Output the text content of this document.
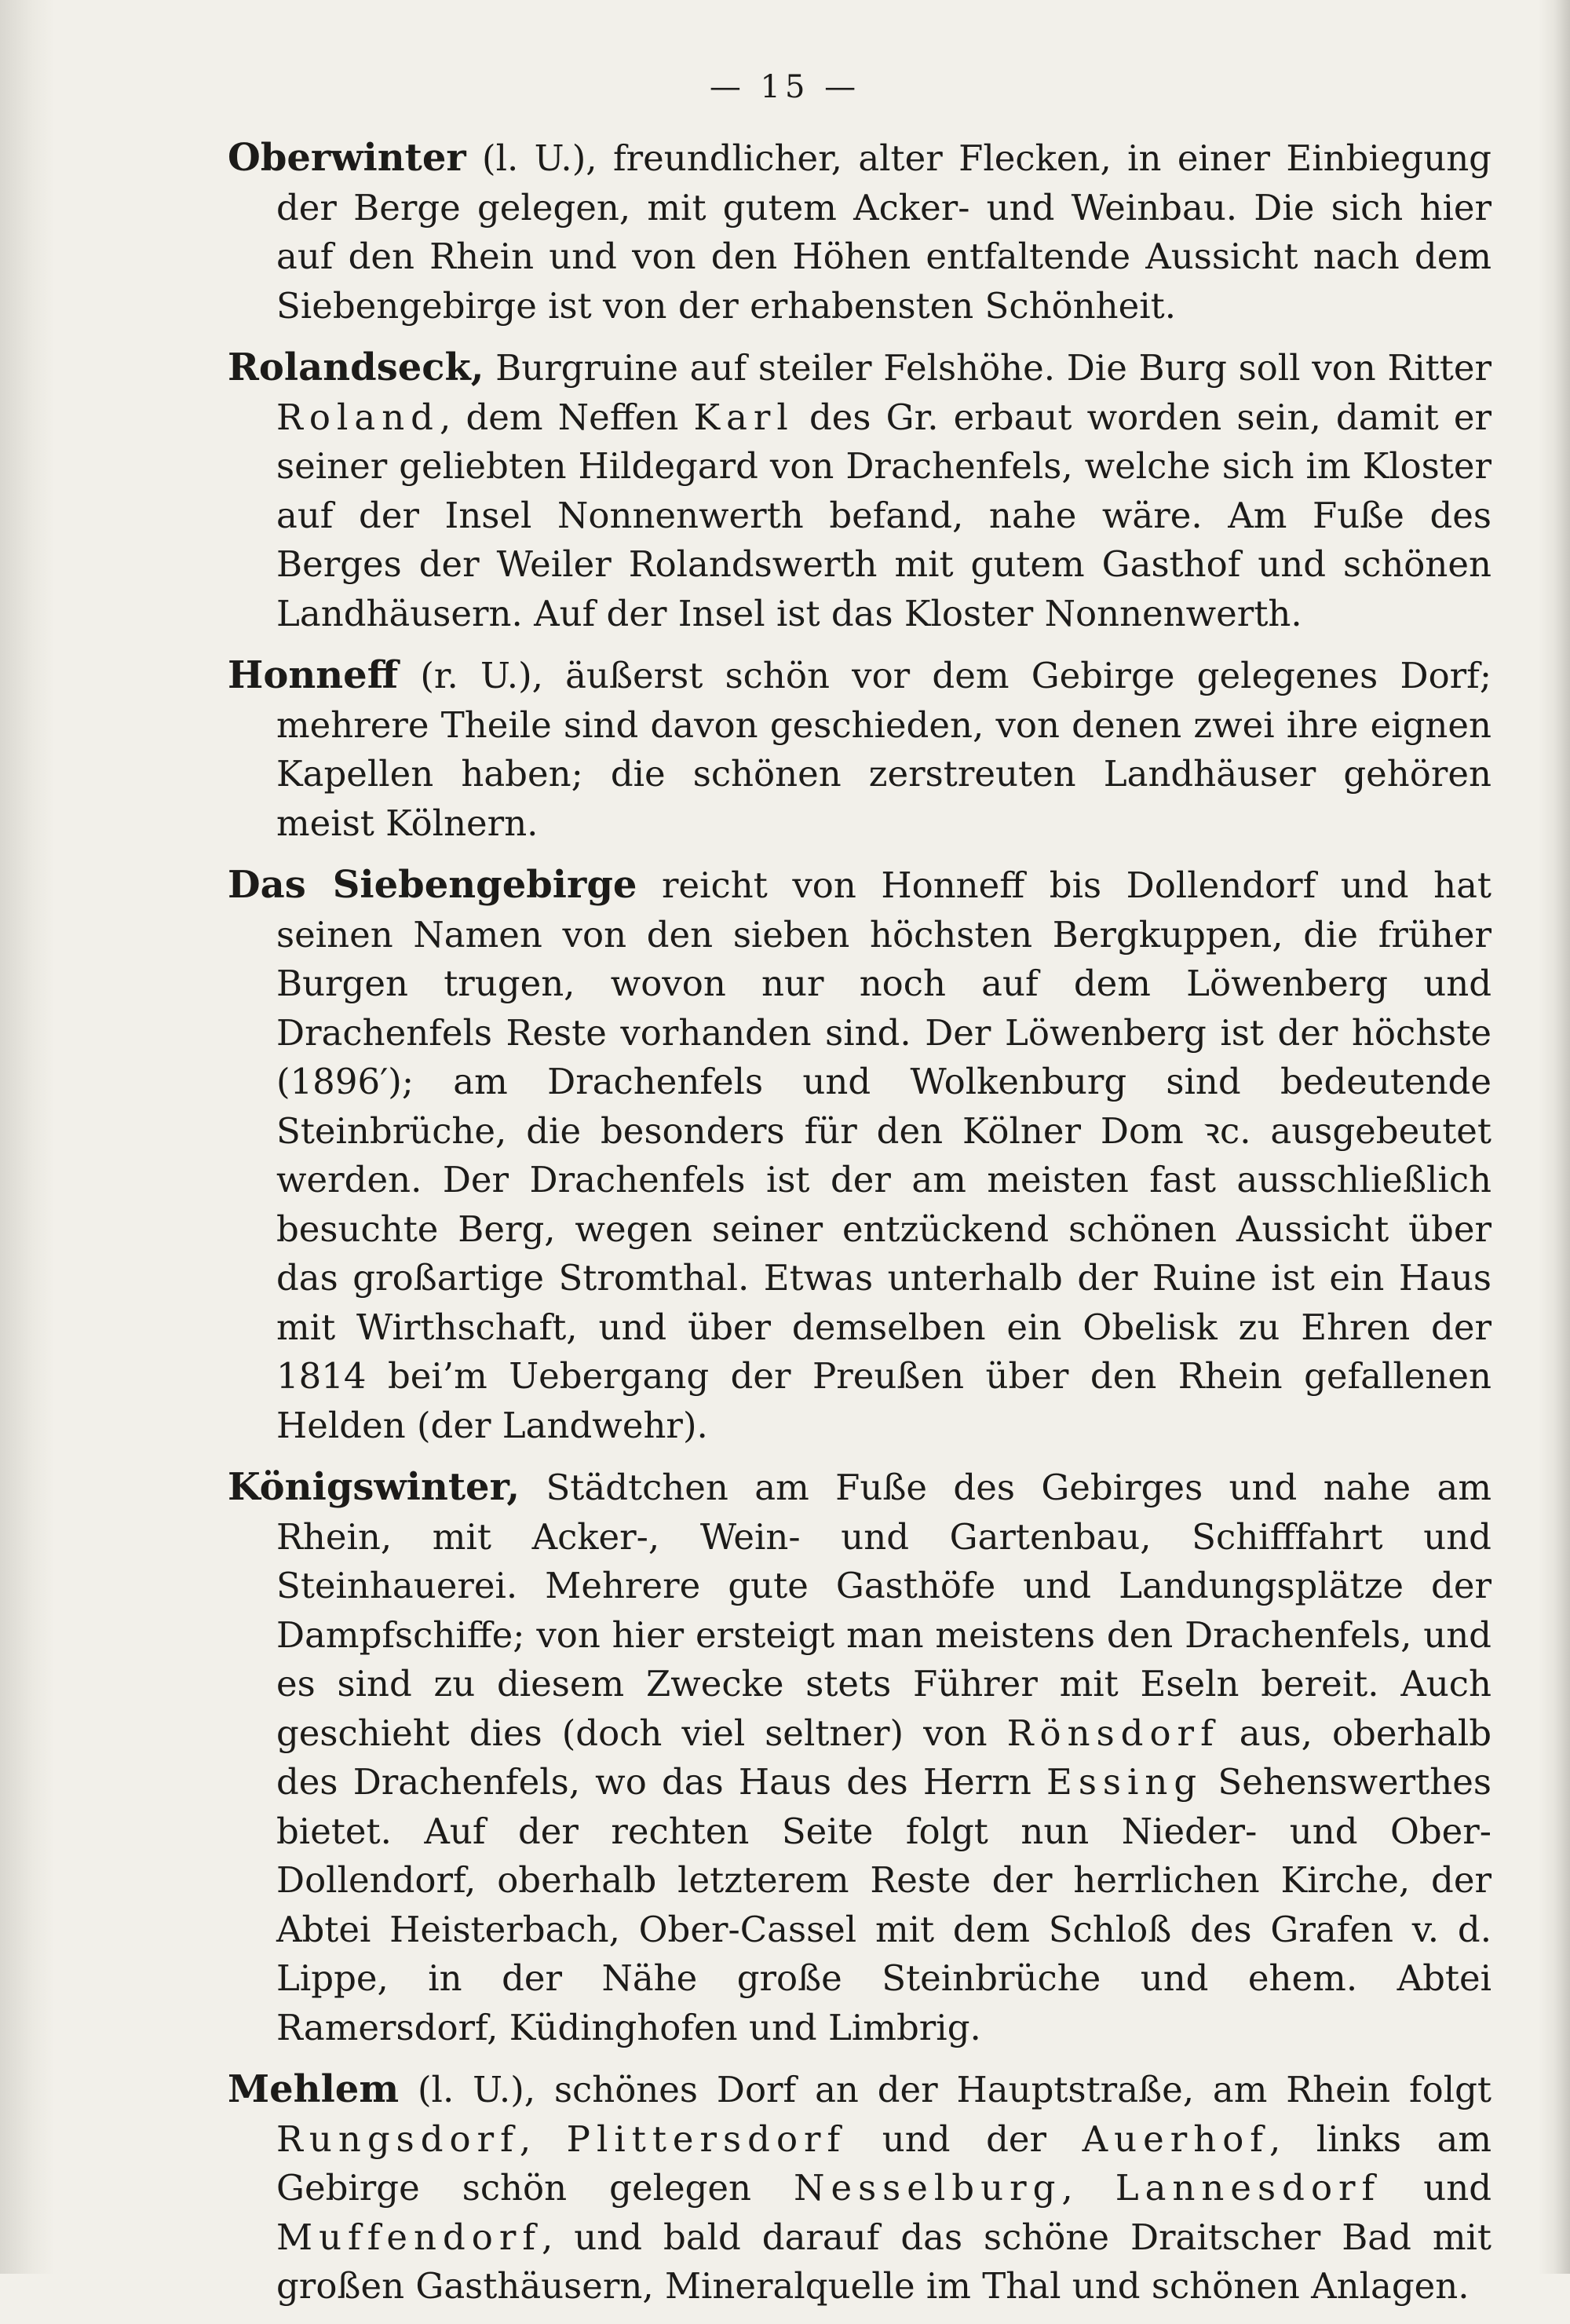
— 15 —

Oberwinter (l. U.), freundlicher, alter Flecken, in einer Einbiegung der Berge gelegen, mit gutem Acker- und Weinbau. Die sich hier auf den Rhein und von den Höhen entfaltende Aussicht nach dem Siebengebirge ist von der erhabensten Schönheit.

Rolandseck, Burgruine auf steiler Felshöhe. Die Burg soll von Ritter Roland, dem Neffen Karl des Gr. erbaut worden sein, damit er seiner geliebten Hildegard von Drachenfels, welche sich im Kloster auf der Insel Nonnenwerth befand, nahe wäre. Am Fuße des Berges der Weiler Rolandswerth mit gutem Gasthof und schönen Landhäusern. Auf der Insel ist das Kloster Nonnenwerth.

Honneff (r. U.), äußerst schön vor dem Gebirge gelegenes Dorf; mehrere Theile sind davon geschieden, von denen zwei ihre eignen Kapellen haben; die schönen zerstreuten Landhäuser gehören meist Kölnern.

Das Siebengebirge reicht von Honneff bis Dollendorf und hat seinen Namen von den sieben höchsten Bergkuppen, die früher Burgen trugen, wovon nur noch auf dem Löwenberg und Drachenfels Reste vorhanden sind. Der Löwenberg ist der höchste (1896′); am Drachenfels und Wolkenburg sind bedeutende Steinbrüche, die besonders für den Kölner Dom ꝛc. ausgebeutet werden. Der Drachenfels ist der am meisten fast ausschließlich besuchte Berg, wegen seiner entzückend schönen Aussicht über das großartige Stromthal. Etwas unterhalb der Ruine ist ein Haus mit Wirthschaft, und über demselben ein Obelisk zu Ehren der 1814 bei’m Uebergang der Preußen über den Rhein gefallenen Helden (der Landwehr).

Königswinter, Städtchen am Fuße des Gebirges und nahe am Rhein, mit Acker-, Wein- und Gartenbau, Schifffahrt und Steinhauerei. Mehrere gute Gasthöfe und Landungsplätze der Dampfschiffe; von hier ersteigt man meistens den Drachenfels, und es sind zu diesem Zwecke stets Führer mit Eseln bereit. Auch geschieht dies (doch viel seltner) von Rönsdorf aus, oberhalb des Drachenfels, wo das Haus des Herrn Essing Sehenswerthes bietet. Auf der rechten Seite folgt nun Nieder- und Ober-Dollendorf, oberhalb letzterem Reste der herrlichen Kirche, der Abtei Heisterbach, Ober-Cassel mit dem Schloß des Grafen v. d. Lippe, in der Nähe große Steinbrüche und ehem. Abtei Ramersdorf, Küdinghofen und Limbrig.

Mehlem (l. U.), schönes Dorf an der Hauptstraße, am Rhein folgt Rungsdorf, Plittersdorf und der Auerhof, links am Gebirge schön gelegen Nesselburg, Lannesdorf und Muffendorf, und bald darauf das schöne Draitscher Bad mit großen Gasthäusern, Mineralquelle im Thal und schönen Anlagen.
